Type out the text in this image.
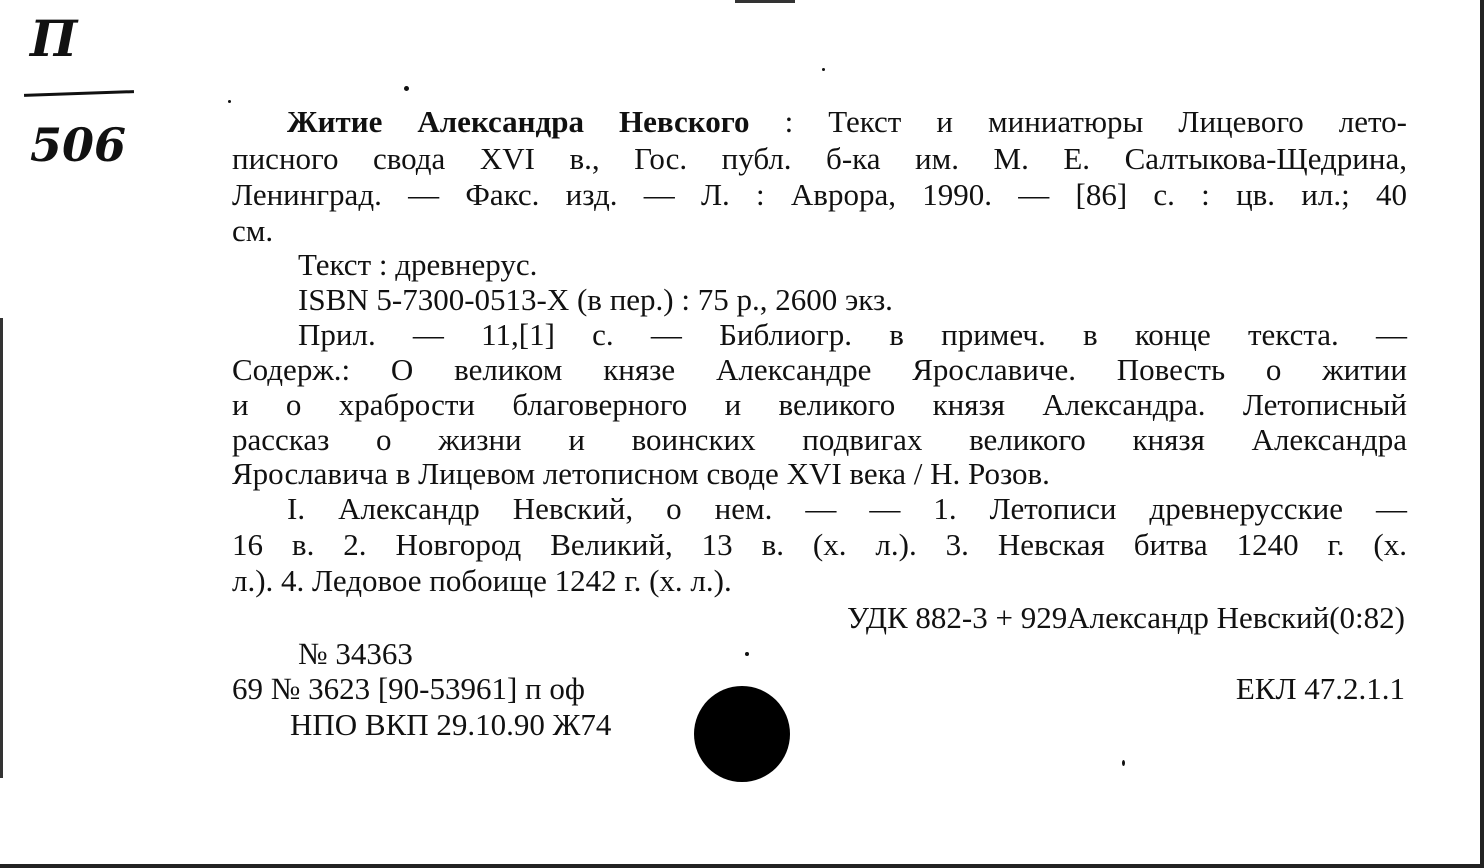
П
506	Житие Александра Невского : Текст и миниатюры Лицевого лето-
писного свода XVI в., Гос. публ. б-ка им. М. Е. Салтыкова-Щедрина,
Ленинград. — Факс. изд. — Л. : Аврора, 1990. — [86] с. : цв. ил.; 40
см.
Текст : древнерус.
ISBN 5-7300-0513-X (в пер.) : 75 р., 2600 экз.
Прил. — 11,[1] с. — Библиогр. в примеч. в конце текста. —
Содерж.: О великом князе Александре Ярославиче. Повесть о житии
и о храбрости благоверного и великого князя Александра. Летописный
рассказ о жизни и воинских подвигах великого князя Александра
Ярославича в Лицевом летописном своде XVI века / Н. Розов.
I. Александр Невский, о нем. — — 1. Летописи древнерусские —
16 в. 2. Новгород Великий, 13 в. (х. л.). 3. Невская битва 1240 г. (х.
л.). 4. Ледовое побоище 1242 г. (х. л.).
УДК 882-3 + 929Александр Невский(0:82)
№ 34363
69 № 3623 [90-53961] п оф	ЕКЛ 47.2.1.1
НПО ВКП 29.10.90 Ж74
